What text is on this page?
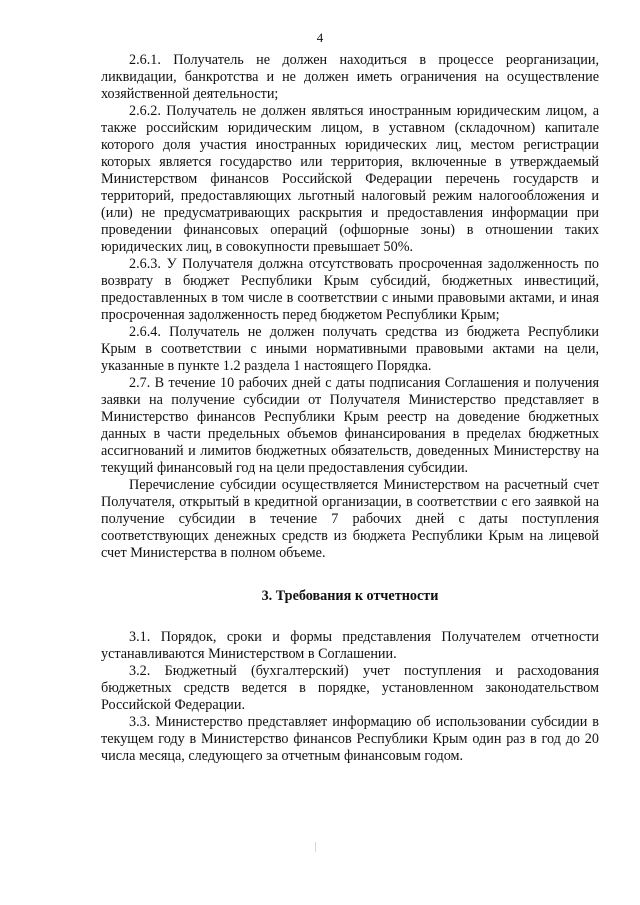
4

2.6.1. Получатель не должен находиться в процессе реорганизации, ликвидации, банкротства и не должен иметь ограничения на осуществление хозяйственной деятельности;

2.6.2. Получатель не должен являться иностранным юридическим лицом, а также российским юридическим лицом, в уставном (складочном) капитале которого доля участия иностранных юридических лиц, местом регистрации которых является государство или территория, включенные в утверждаемый Министерством финансов Российской Федерации перечень государств и территорий, предоставляющих льготный налоговый режим налогообложения и (или) не предусматривающих раскрытия и предоставления информации при проведении финансовых операций (офшорные зоны) в отношении таких юридических лиц, в совокупности превышает 50%.

2.6.3. У Получателя должна отсутствовать просроченная задолженность по возврату в бюджет Республики Крым субсидий, бюджетных инвестиций, предоставленных в том числе в соответствии с иными правовыми актами, и иная просроченная задолженность перед бюджетом Республики Крым;

2.6.4. Получатель не должен получать средства из бюджета Республики Крым в соответствии с иными нормативными правовыми актами на цели, указанные в пункте 1.2 раздела 1 настоящего Порядка.

2.7. В течение 10 рабочих дней с даты подписания Соглашения и получения заявки на получение субсидии от Получателя Министерство представляет в Министерство финансов Республики Крым реестр на доведение бюджетных данных в части предельных объемов финансирования в пределах бюджетных ассигнований и лимитов бюджетных обязательств, доведенных Министерству на текущий финансовый год на цели предоставления субсидии.

Перечисление субсидии осуществляется Министерством на расчетный счет Получателя, открытый в кредитной организации, в соответствии с его заявкой на получение субсидии в течение 7 рабочих дней с даты поступления соответствующих денежных средств из бюджета Республики Крым на лицевой счет Министерства в полном объеме.

3. Требования к отчетности

3.1. Порядок, сроки и формы представления Получателем отчетности устанавливаются Министерством в Соглашении.

3.2. Бюджетный (бухгалтерский) учет поступления и расходования бюджетных средств ведется в порядке, установленном законодательством Российской Федерации.

3.3. Министерство представляет информацию об использовании субсидии в текущем году в Министерство финансов Республики Крым один раз в год до 20 числа месяца, следующего за отчетным финансовым годом.
